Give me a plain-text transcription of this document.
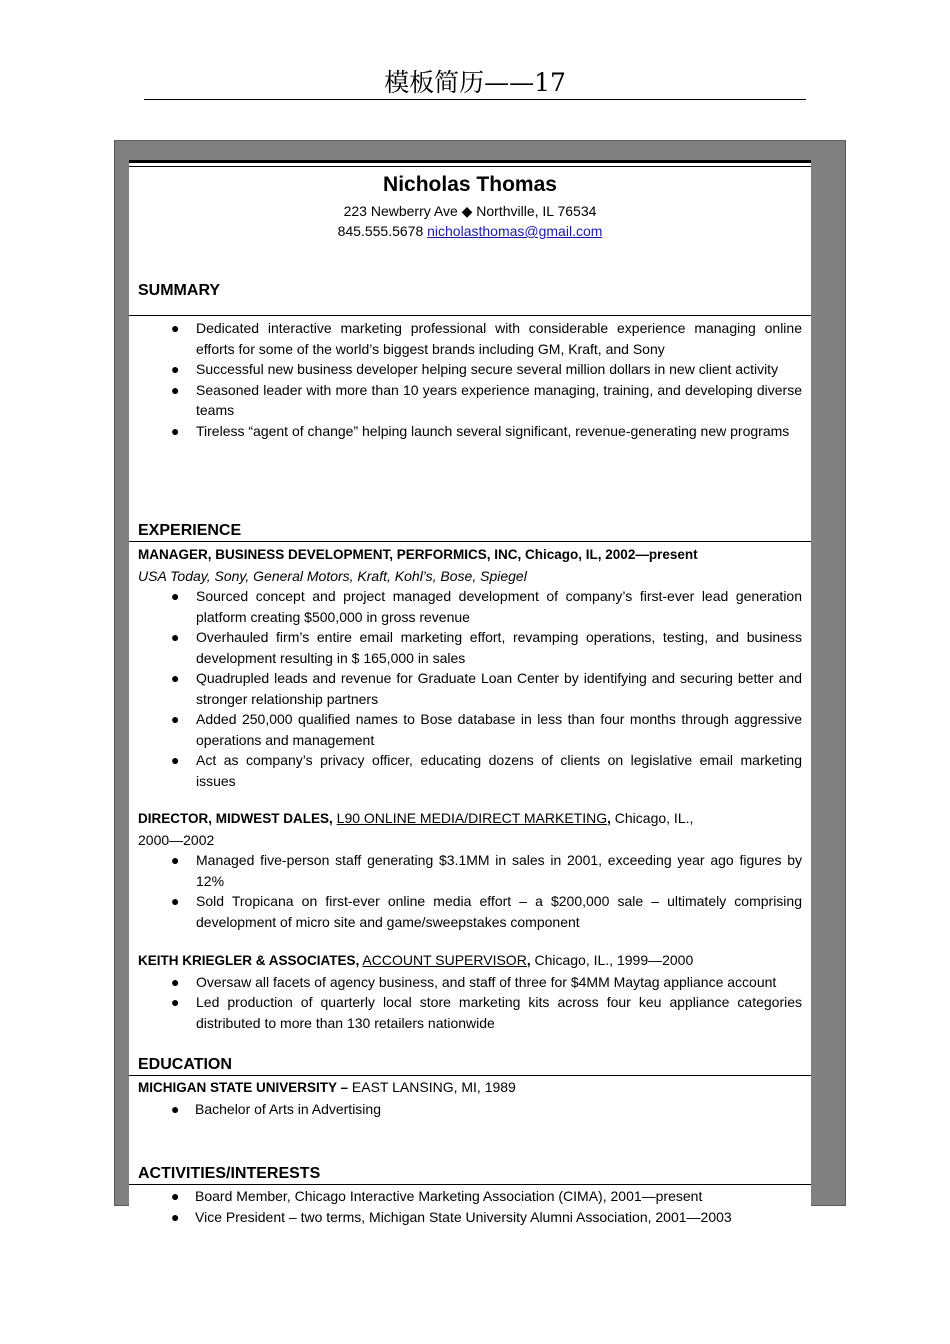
模板简历——17
Nicholas Thomas
223 Newberry Ave ◆ Northville, IL 76534
845.555.5678 nicholasthomas@gmail.com
SUMMARY
● Dedicated interactive marketing professional with considerable experience managing online efforts for some of the world’s biggest brands including GM, Kraft, and Sony
● Successful new business developer helping secure several million dollars in new client activity
● Seasoned leader with more than 10 years experience managing, training, and developing diverse teams
● Tireless “agent of change” helping launch several significant, revenue-generating new programs
EXPERIENCE
MANAGER, BUSINESS DEVELOPMENT, PERFORMICS, INC, Chicago, IL, 2002—present
USA Today, Sony, General Motors, Kraft, Kohl’s, Bose, Spiegel
● Sourced concept and project managed development of company’s first-ever lead generation platform creating $500,000 in gross revenue
● Overhauled firm’s entire email marketing effort, revamping operations, testing, and business development resulting in $ 165,000 in sales
● Quadrupled leads and revenue for Graduate Loan Center by identifying and securing better and stronger relationship partners
● Added 250,000 qualified names to Bose database in less than four months through aggressive operations and management
● Act as company’s privacy officer, educating dozens of clients on legislative email marketing issues
DIRECTOR, MIDWEST DALES, L90 ONLINE MEDIA/DIRECT MARKETING, Chicago, IL.,
2000—2002
● Managed five-person staff generating $3.1MM in sales in 2001, exceeding year ago figures by 12%
● Sold Tropicana on first-ever online media effort – a $200,000 sale – ultimately comprising development of micro site and game/sweepstakes component
KEITH KRIEGLER & ASSOCIATES, ACCOUNT SUPERVISOR, Chicago, IL., 1999—2000
● Oversaw all facets of agency business, and staff of three for $4MM Maytag appliance account
● Led production of quarterly local store marketing kits across four keu appliance categories distributed to more than 130 retailers nationwide
EDUCATION
MICHIGAN STATE UNIVERSITY – EAST LANSING, MI, 1989
● Bachelor of Arts in Advertising
ACTIVITIES/INTERESTS
● Board Member, Chicago Interactive Marketing Association (CIMA), 2001—present
● Vice President – two terms, Michigan State University Alumni Association, 2001—2003
